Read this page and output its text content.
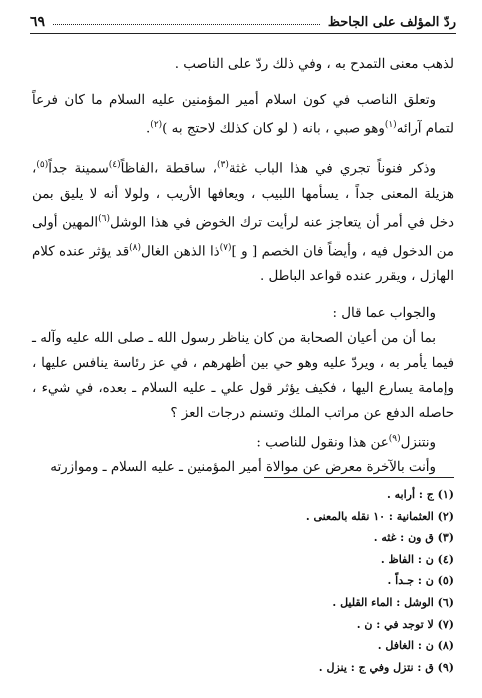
ردّ المؤلف على الجاحظ
٦٩

لذهب معنى التمدح به ، وفي ذلك ردّ على الناصب .

وتعلق الناصب في كون اسلام أمير المؤمنين عليه السلام ما كان فرعاً لتمام آرائه$^{(١)}$وهو صبي ، بانه ( لو كان كذلك لاحتج به )$^{(٢)}$.

وذكر فنوناً تجري في هذا الباب غثة$^{(٣)}$، ساقطة ،الفاظاً$^{(٤)}$سمينة جداً$^{(٥)}$، هزيلة المعنى جداً ، يسأمها اللبيب ، ويعافها الأريب ، ولولا أنه لا يليق بمن دخل في أمر أن يتعاجز عنه لرأيت ترك الخوض في هذا الوشل$^{(٦)}$المهين أولى من الدخول فيه ، وأيضاً فان الخصم [ و ]$^{(٧)}$ذا الذهن الغال$^{(٨)}$قد يؤثر عنده كلام الهازل ، ويقرر عنده قواعد الباطل .

والجواب عما قال :

بما أن من أعيان الصحابة من كان يناظر رسول الله ـ صلى الله عليه وآله ـ فيما يأمر به ، ويردّ عليه وهو حي بين أظهرهم ، في عز رئاسة ينافس عليها ، وإمامة يسارع اليها ، فكيف يؤثر قول علي ـ عليه السلام ـ بعده، في شيء ، حاصله الدفع عن مراتب الملك وتسنم درجات العز ؟

ونتنزل$^{(٩)}$عن هذا ونقول للناصب :

وأنت بالآخرة معرض عن موالاة أمير المؤمنين ـ عليه السلام ـ وموازرته

(١) ج : أرابه .
(٢) العثمانية : ١٠ نقله بالمعنى .
(٣) ق ون : غثه .
(٤) ن : الفاظ .
(٥) ن : جـداً .
(٦) الوشل : الماء القليل .
(٧) لا توجد في : ن .
(٨) ن : الغافل .
(٩) ق : نتزل وفي ج : ينزل .
